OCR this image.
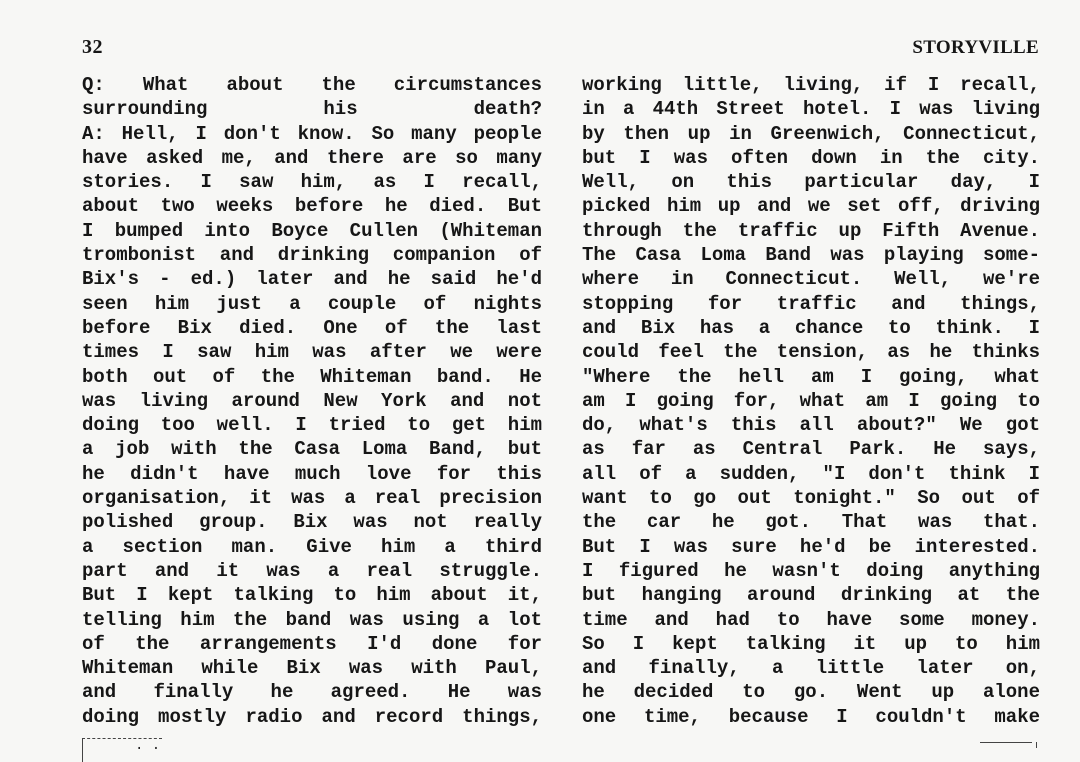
32	STORYVILLE
Q: What about the circumstances
surrounding his death?
A: Hell, I don't know. So many people
have asked me, and there are so many
stories. I saw him, as I recall,
about two weeks before he died. But
I bumped into Boyce Cullen (Whiteman
trombonist and drinking companion of
Bix's - ed.) later and he said he'd
seen him just a couple of nights
before Bix died. One of the last
times I saw him was after we were
both out of the Whiteman band. He
was living around New York and not
doing too well. I tried to get him
a job with the Casa Loma Band, but
he didn't have much love for this
organisation, it was a real precision
polished group. Bix was not really
a section man. Give him a third
part and it was a real struggle.
But I kept talking to him about it,
telling him the band was using a lot
of the arrangements I'd done for
Whiteman while Bix was with Paul,
and finally he agreed. He was
doing mostly radio and record things,
working little, living, if I recall,
in a 44th Street hotel. I was living
by then up in Greenwich, Connecticut,
but I was often down in the city.
Well, on this particular day, I
picked him up and we set off, driving
through the traffic up Fifth Avenue.
The Casa Loma Band was playing some-
where in Connecticut. Well, we're
stopping for traffic and things,
and Bix has a chance to think. I
could feel the tension, as he thinks
"Where the hell am I going, what
am I going for, what am I going to
do, what's this all about?" We got
as far as Central Park. He says,
all of a sudden, "I don't think I
want to go out tonight." So out of
the car he got. That was that.
But I was sure he'd be interested.
I figured he wasn't doing anything
but hanging around drinking at the
time and had to have some money.
So I kept talking it up to him
and finally, a little later on,
he decided to go. Went up alone
one time, because I couldn't make
· ·
